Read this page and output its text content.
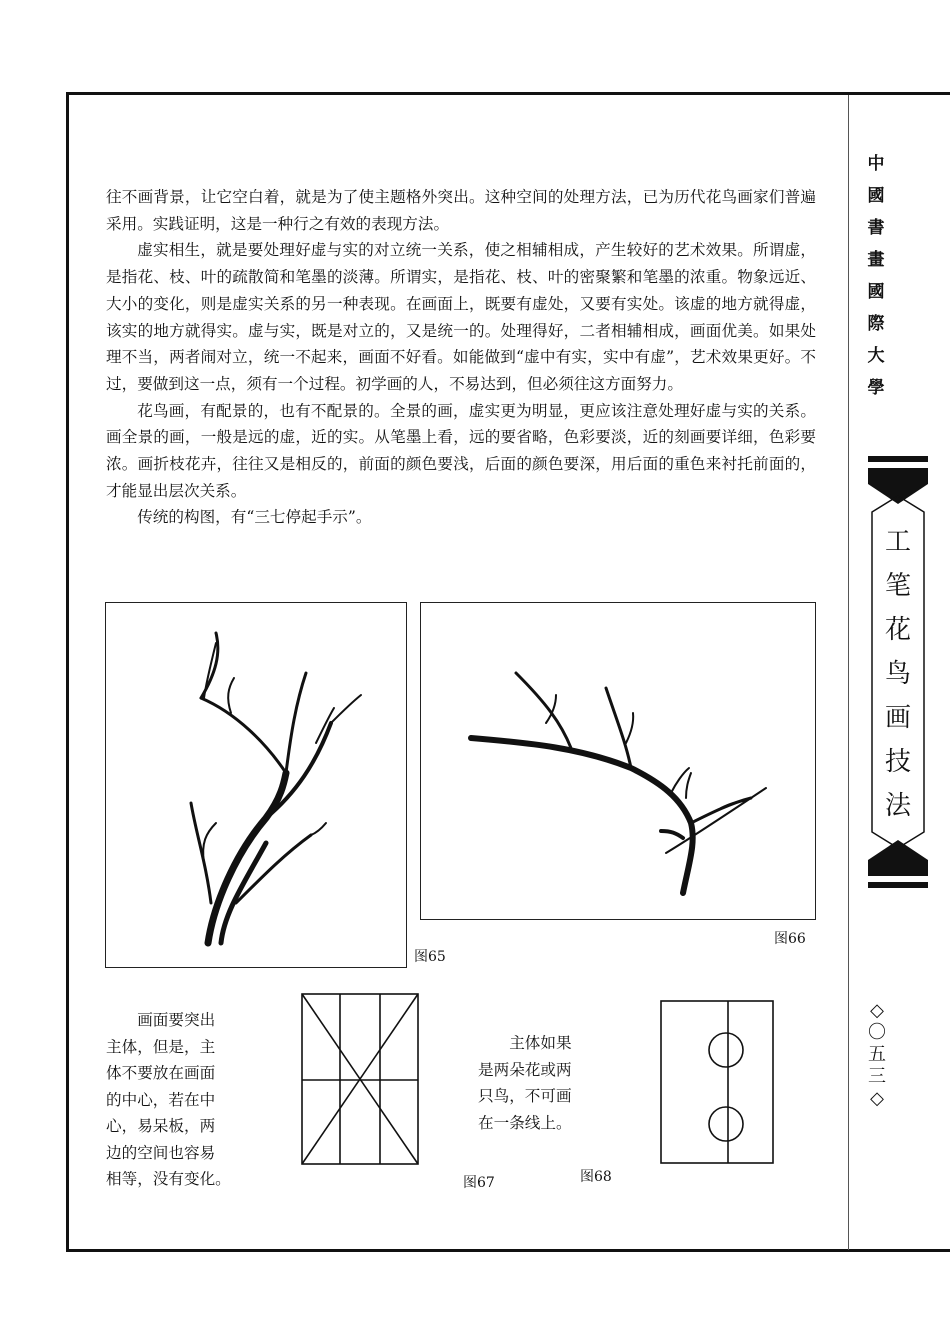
往不画背景，让它空白着，就是为了使主题格外突出。这种空间的处理方法，已为历代花鸟画家们普遍采用。实践证明，这是一种行之有效的表现方法。

虚实相生，就是要处理好虚与实的对立统一关系，使之相辅相成，产生较好的艺术效果。所谓虚，是指花、枝、叶的疏散简和笔墨的淡薄。所谓实，是指花、枝、叶的密聚繁和笔墨的浓重。物象远近、大小的变化，则是虚实关系的另一种表现。在画面上，既要有虚处，又要有实处。该虚的地方就得虚，该实的地方就得实。虚与实，既是对立的，又是统一的。处理得好，二者相辅相成，画面优美。如果处理不当，两者闹对立，统一不起来，画面不好看。如能做到“虚中有实，实中有虚”，艺术效果更好。不过，要做到这一点，须有一个过程。初学画的人，不易达到，但必须往这方面努力。

花鸟画，有配景的，也有不配景的。全景的画，虚实更为明显，更应该注意处理好虚与实的关系。画全景的画，一般是远的虚，近的实。从笔墨上看，远的要省略，色彩要淡，近的刻画要详细，色彩要浓。画折枝花卉，往往又是相反的，前面的颜色要浅，后面的颜色要深，用后面的重色来衬托前面的，才能显出层次关系。

传统的构图，有“三七停起手示”。

图65
图66
画面要突出
主体，但是，主
体不要放在画面
的中心，若在中
心，易呆板，两
边的空间也容易
相等，没有变化。	图67
主体如果
是两朵花或两
只鸟，不可画
在一条线上。
图68
中
國
書
畫
國
際
大
學
工
笔
花
鸟
画
技
法
◇
〇
五
三
◇
